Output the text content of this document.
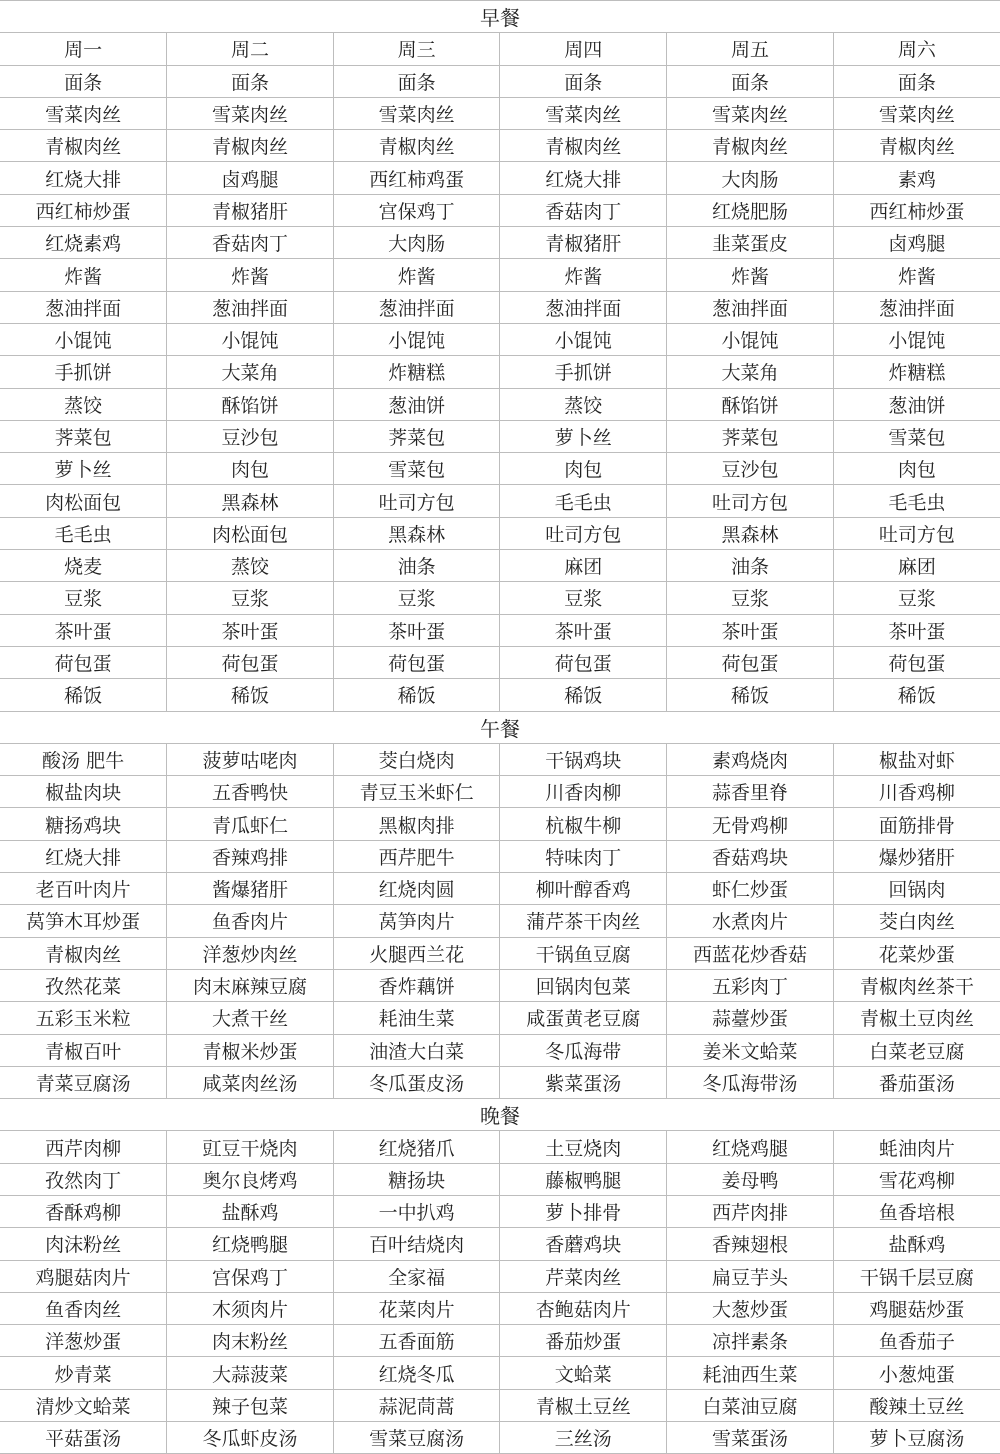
早餐					
周一	周二	周三	周四	周五	周六
面条	面条	面条	面条	面条	面条
雪菜肉丝	雪菜肉丝	雪菜肉丝	雪菜肉丝	雪菜肉丝	雪菜肉丝
青椒肉丝	青椒肉丝	青椒肉丝	青椒肉丝	青椒肉丝	青椒肉丝
红烧大排	卤鸡腿	西红柿鸡蛋	红烧大排	大肉肠	素鸡
西红柿炒蛋	青椒猪肝	宫保鸡丁	香菇肉丁	红烧肥肠	西红柿炒蛋
红烧素鸡	香菇肉丁	大肉肠	青椒猪肝	韭菜蛋皮	卤鸡腿
炸酱	炸酱	炸酱	炸酱	炸酱	炸酱
葱油拌面	葱油拌面	葱油拌面	葱油拌面	葱油拌面	葱油拌面
小馄饨	小馄饨	小馄饨	小馄饨	小馄饨	小馄饨
手抓饼	大菜角	炸糖糕	手抓饼	大菜角	炸糖糕
蒸饺	酥馅饼	葱油饼	蒸饺	酥馅饼	葱油饼
荠菜包	豆沙包	荠菜包	萝卜丝	荠菜包	雪菜包
萝卜丝	肉包	雪菜包	肉包	豆沙包	肉包
肉松面包	黑森林	吐司方包	毛毛虫	吐司方包	毛毛虫
毛毛虫	肉松面包	黑森林	吐司方包	黑森林	吐司方包
烧麦	蒸饺	油条	麻团	油条	麻团
豆浆	豆浆	豆浆	豆浆	豆浆	豆浆
茶叶蛋	茶叶蛋	茶叶蛋	茶叶蛋	茶叶蛋	茶叶蛋
荷包蛋	荷包蛋	荷包蛋	荷包蛋	荷包蛋	荷包蛋
稀饭	稀饭	稀饭	稀饭	稀饭	稀饭
午餐					
酸汤 肥牛	菠萝咕咾肉	茭白烧肉	干锅鸡块	素鸡烧肉	椒盐对虾
椒盐肉块	五香鸭快	青豆玉米虾仁	川香肉柳	蒜香里脊	川香鸡柳
糖扬鸡块	青瓜虾仁	黑椒肉排	杭椒牛柳	无骨鸡柳	面筋排骨
红烧大排	香辣鸡排	西芹肥牛	特味肉丁	香菇鸡块	爆炒猪肝
老百叶肉片	酱爆猪肝	红烧肉圆	柳叶醇香鸡	虾仁炒蛋	回锅肉
莴笋木耳炒蛋	鱼香肉片	莴笋肉片	蒲芹茶干肉丝	水煮肉片	茭白肉丝
青椒肉丝	洋葱炒肉丝	火腿西兰花	干锅鱼豆腐	西蓝花炒香菇	花菜炒蛋
孜然花菜	肉末麻辣豆腐	香炸藕饼	回锅肉包菜	五彩肉丁	青椒肉丝茶干
五彩玉米粒	大煮干丝	耗油生菜	咸蛋黄老豆腐	蒜薹炒蛋	青椒土豆肉丝
青椒百叶	青椒米炒蛋	油渣大白菜	冬瓜海带	姜米文蛤菜	白菜老豆腐
青菜豆腐汤	咸菜肉丝汤	冬瓜蛋皮汤	紫菜蛋汤	冬瓜海带汤	番茄蛋汤
晚餐					
西芹肉柳	豇豆干烧肉	红烧猪爪	土豆烧肉	红烧鸡腿	蚝油肉片
孜然肉丁	奥尔良烤鸡	糖扬块	藤椒鸭腿	姜母鸭	雪花鸡柳
香酥鸡柳	盐酥鸡	一中扒鸡	萝卜排骨	西芹肉排	鱼香培根
肉沫粉丝	红烧鸭腿	百叶结烧肉	香蘑鸡块	香辣翅根	盐酥鸡
鸡腿菇肉片	宫保鸡丁	全家福	芹菜肉丝	扁豆芋头	干锅千层豆腐
鱼香肉丝	木须肉片	花菜肉片	杏鲍菇肉片	大葱炒蛋	鸡腿菇炒蛋
洋葱炒蛋	肉末粉丝	五香面筋	番茄炒蛋	凉拌素条	鱼香茄子
炒青菜	大蒜菠菜	红烧冬瓜	文蛤菜	耗油西生菜	小葱炖蛋
清炒文蛤菜	辣子包菜	蒜泥茼蒿	青椒土豆丝	白菜油豆腐	酸辣土豆丝
平菇蛋汤	冬瓜虾皮汤	雪菜豆腐汤	三丝汤	雪菜蛋汤	萝卜豆腐汤
